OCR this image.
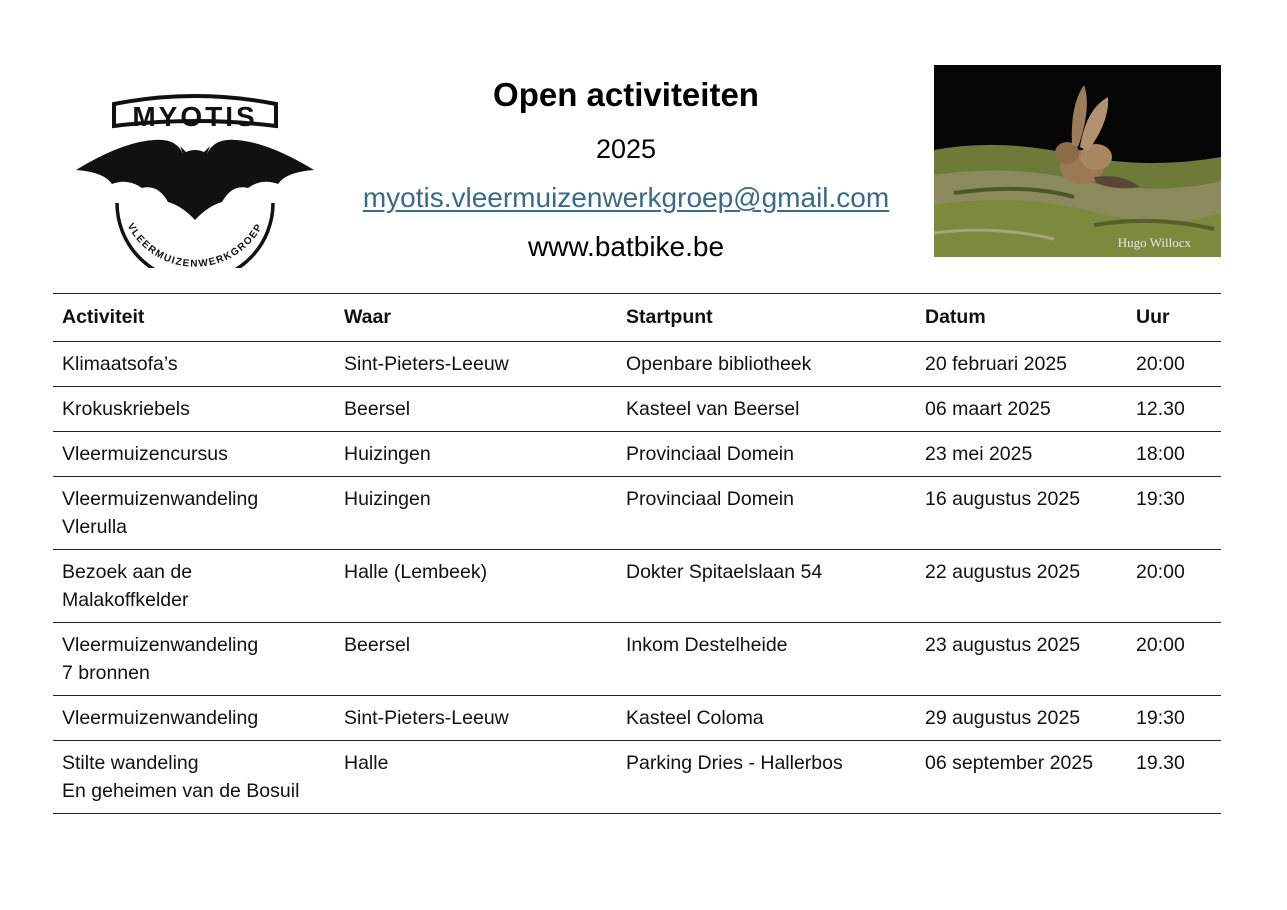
MYOTIS
VLEERMUIZENWERKGROEP
Open activiteiten
2025
myotis.vleermuizenwerkgroep@gmail.com
www.batbike.be	Hugo Willocx
Activiteit	Waar	Startpunt	Datum	Uur
Klimaatsofa’s	Sint-Pieters-Leeuw	Openbare bibliotheek	20 februari 2025	20:00
Krokuskriebels	Beersel	Kasteel van Beersel	06 maart 2025	12.30
Vleermuizencursus	Huizingen	Provinciaal Domein	23 mei 2025	18:00
Vleermuizenwandeling
Vlerulla	Huizingen	Provinciaal Domein	16 augustus 2025	19:30
Bezoek aan de
Malakoffkelder	Halle (Lembeek)	Dokter Spitaelslaan 54	22 augustus 2025	20:00
Vleermuizenwandeling
7 bronnen	Beersel	Inkom Destelheide	23 augustus 2025	20:00
Vleermuizenwandeling	Sint-Pieters-Leeuw	Kasteel Coloma	29 augustus 2025	19:30
Stilte wandeling
En geheimen van de Bosuil	Halle	Parking Dries - Hallerbos	06 september 2025	19.30
